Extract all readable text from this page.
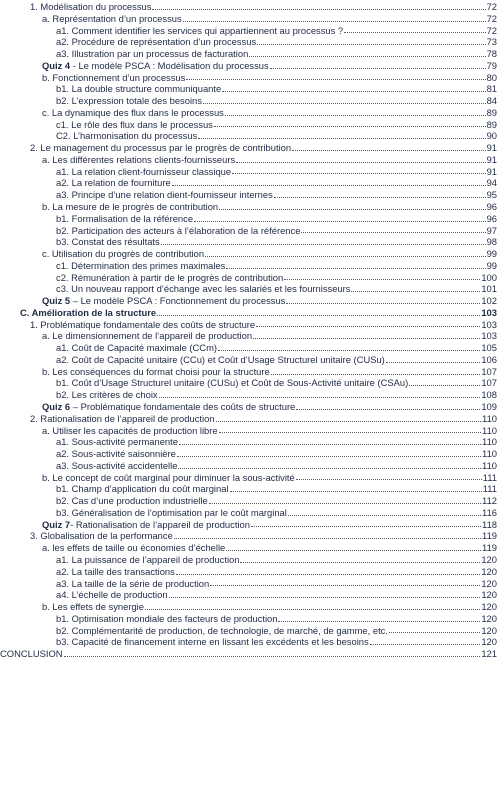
1. Modélisation du processus	72
a. Représentation d’un processus	72
a1. Comment identifier les services qui appartiennent au processus ?	72
a2. Procédure de représentation d’un processus	73
a3. Illustration par un processus de facturation	78
Quiz 4 - Le modèle PSCA : Modélisation du processus	79
b. Fonctionnement d’un processus	80
b1. La double structure communiquante	81
b2. L’expression totale des besoins	84
c. La dynamique des flux dans le processus	89
c1. Le rôle des flux dans le processus	89
C2. L’harmonisation du processus	90
2. Le management du processus par le progrès de contribution	91
a. Les différentes relations clients-fournisseurs	91
a1. La relation client-fournisseur classique	91
a2. La relation de fourniture	94
a3. Principe d’une relation dient-fournisseur internes	95
b. La mesure de le progrès de contribution	96
b1. Formalisation de la référence	96
b2. Participation des acteurs à l’élaboration de la référence	97
b3. Constat des résultats	98
c. Utilisation du progrès de contribution	99
c1. Détermination des primes maximales	99
c2. Rémunération à partir de le progrès de contribution	100
c3. Un nouveau rapport d’échange avec les salariés et les fournisseurs	101
Quiz 5 – Le modèle PSCA : Fonctionnement du processus	102
C. Amélioration de la structure	103
1. Problématique fondamentale des coûts de structure	103
a. Le dimensionnement de l’appareil de production	103
a1. Coût de Capacité maximale (CCm)	105
a2. Coût de Capacité unitaire (CCu) et Coût d’Usage Structurel unitaire (CUSu)	106
b. Les conséquences du format choisi pour la structure	107
b1. Coût d’Usage Structurel unitaire (CUSu) et Coût de Sous-Activité unitaire (CSAu)	107
b2. Les critères de choix	108
Quiz 6 – Problématique fondamentale des coûts de structure	109
2. Rationalisation de l’appareil de production	110
a. Utiliser les capacités de production libre	110
a1. Sous-activité permanente	110
a2. Sous-activité saisonnière	110
a3. Sous-activité accidentelle	110
b. Le concept de coût marginal pour diminuer la sous-activité	111
b1. Champ d’application du coût marginal	111
b2. Cas d’une production industrielle	112
b3. Généralisation de l’optimisation par le coût marginal	116
Quiz 7- Rationalisation de l’appareil de production	118
3. Globalisation de la performance	119
a. les effets de taille ou économies d’échelle	119
a1. La puissance de l’appareil de production	120
a2. La taille des transactions	120
a3. La taille de la série de production	120
a4. L’échelle de production	120
b. Les effets de synergie	120
b1. Optimisation mondiale des facteurs de production	120
b2. Complémentarité de production, de technologie, de marché, de gamme, etc.	120
b3. Capacité de financement interne en lissant les excédents et les besoins	120
CONCLUSION	121
